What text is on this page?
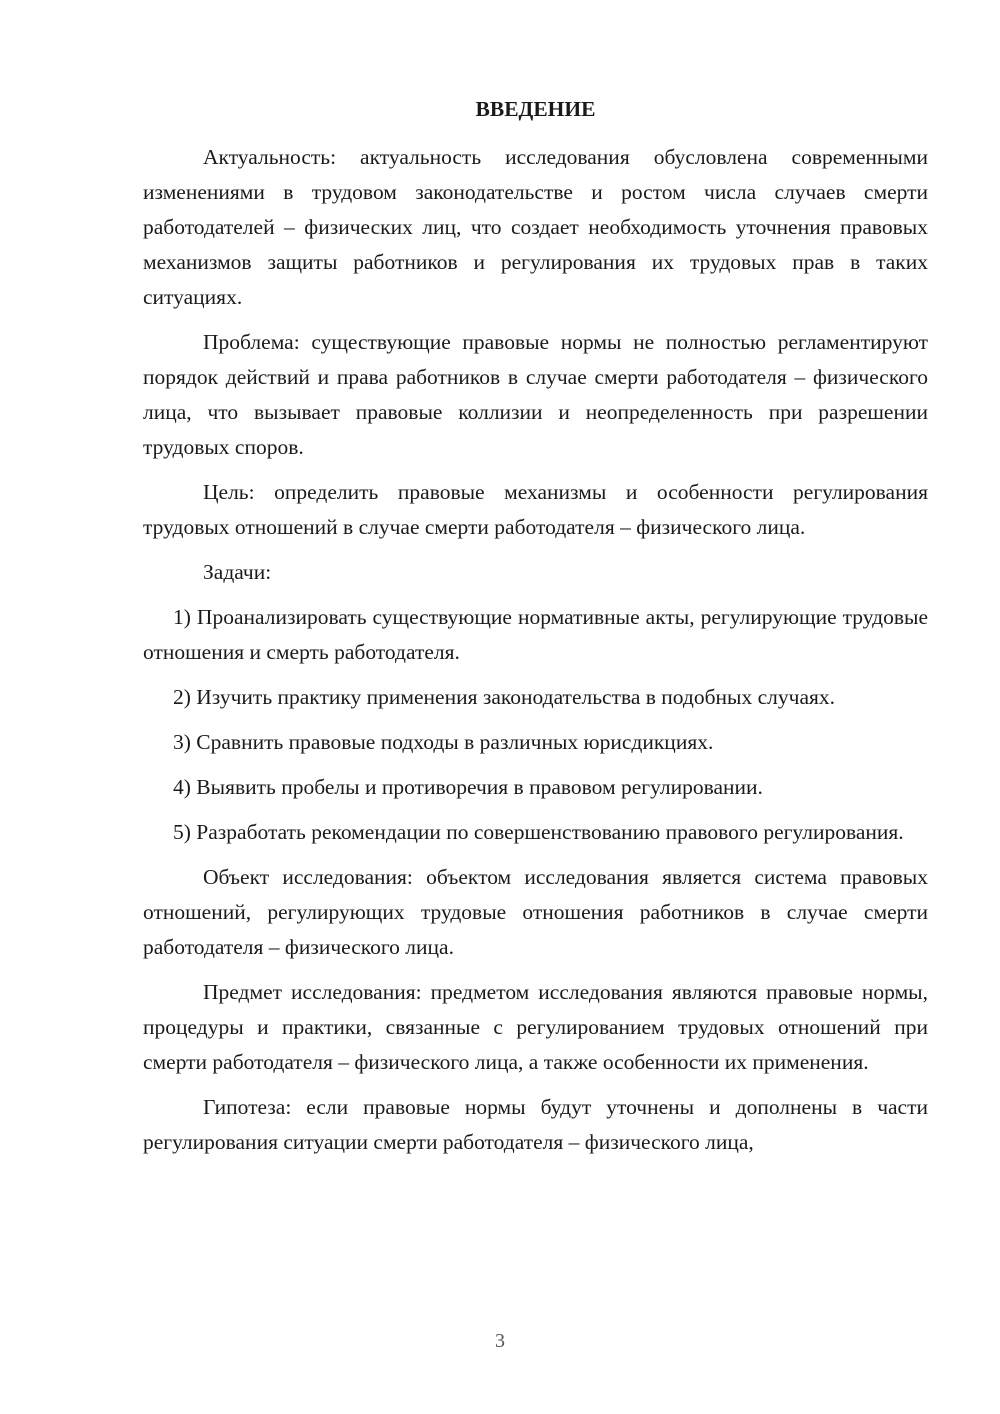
ВВЕДЕНИЕ

Актуальность: актуальность исследования обусловлена современными изменениями в трудовом законодательстве и ростом числа случаев смерти работодателей – физических лиц, что создает необходимость уточнения правовых механизмов защиты работников и регулирования их трудовых прав в таких ситуациях.

Проблема: существующие правовые нормы не полностью регламентируют порядок действий и права работников в случае смерти работодателя – физического лица, что вызывает правовые коллизии и неопределенность при разрешении трудовых споров.

Цель: определить правовые механизмы и особенности регулирования трудовых отношений в случае смерти работодателя – физического лица.

Задачи:

1) Проанализировать существующие нормативные акты, регулирующие трудовые отношения и смерть работодателя.

2) Изучить практику применения законодательства в подобных случаях.

3) Сравнить правовые подходы в различных юрисдикциях.

4) Выявить пробелы и противоречия в правовом регулировании.

5) Разработать рекомендации по совершенствованию правового регулирования.

Объект исследования: объектом исследования является система правовых отношений, регулирующих трудовые отношения работников в случае смерти работодателя – физического лица.

Предмет исследования: предметом исследования являются правовые нормы, процедуры и практики, связанные с регулированием трудовых отношений при смерти работодателя – физического лица, а также особенности их применения.

Гипотеза: если правовые нормы будут уточнены и дополнены в части регулирования ситуации смерти работодателя – физического лица,

3
